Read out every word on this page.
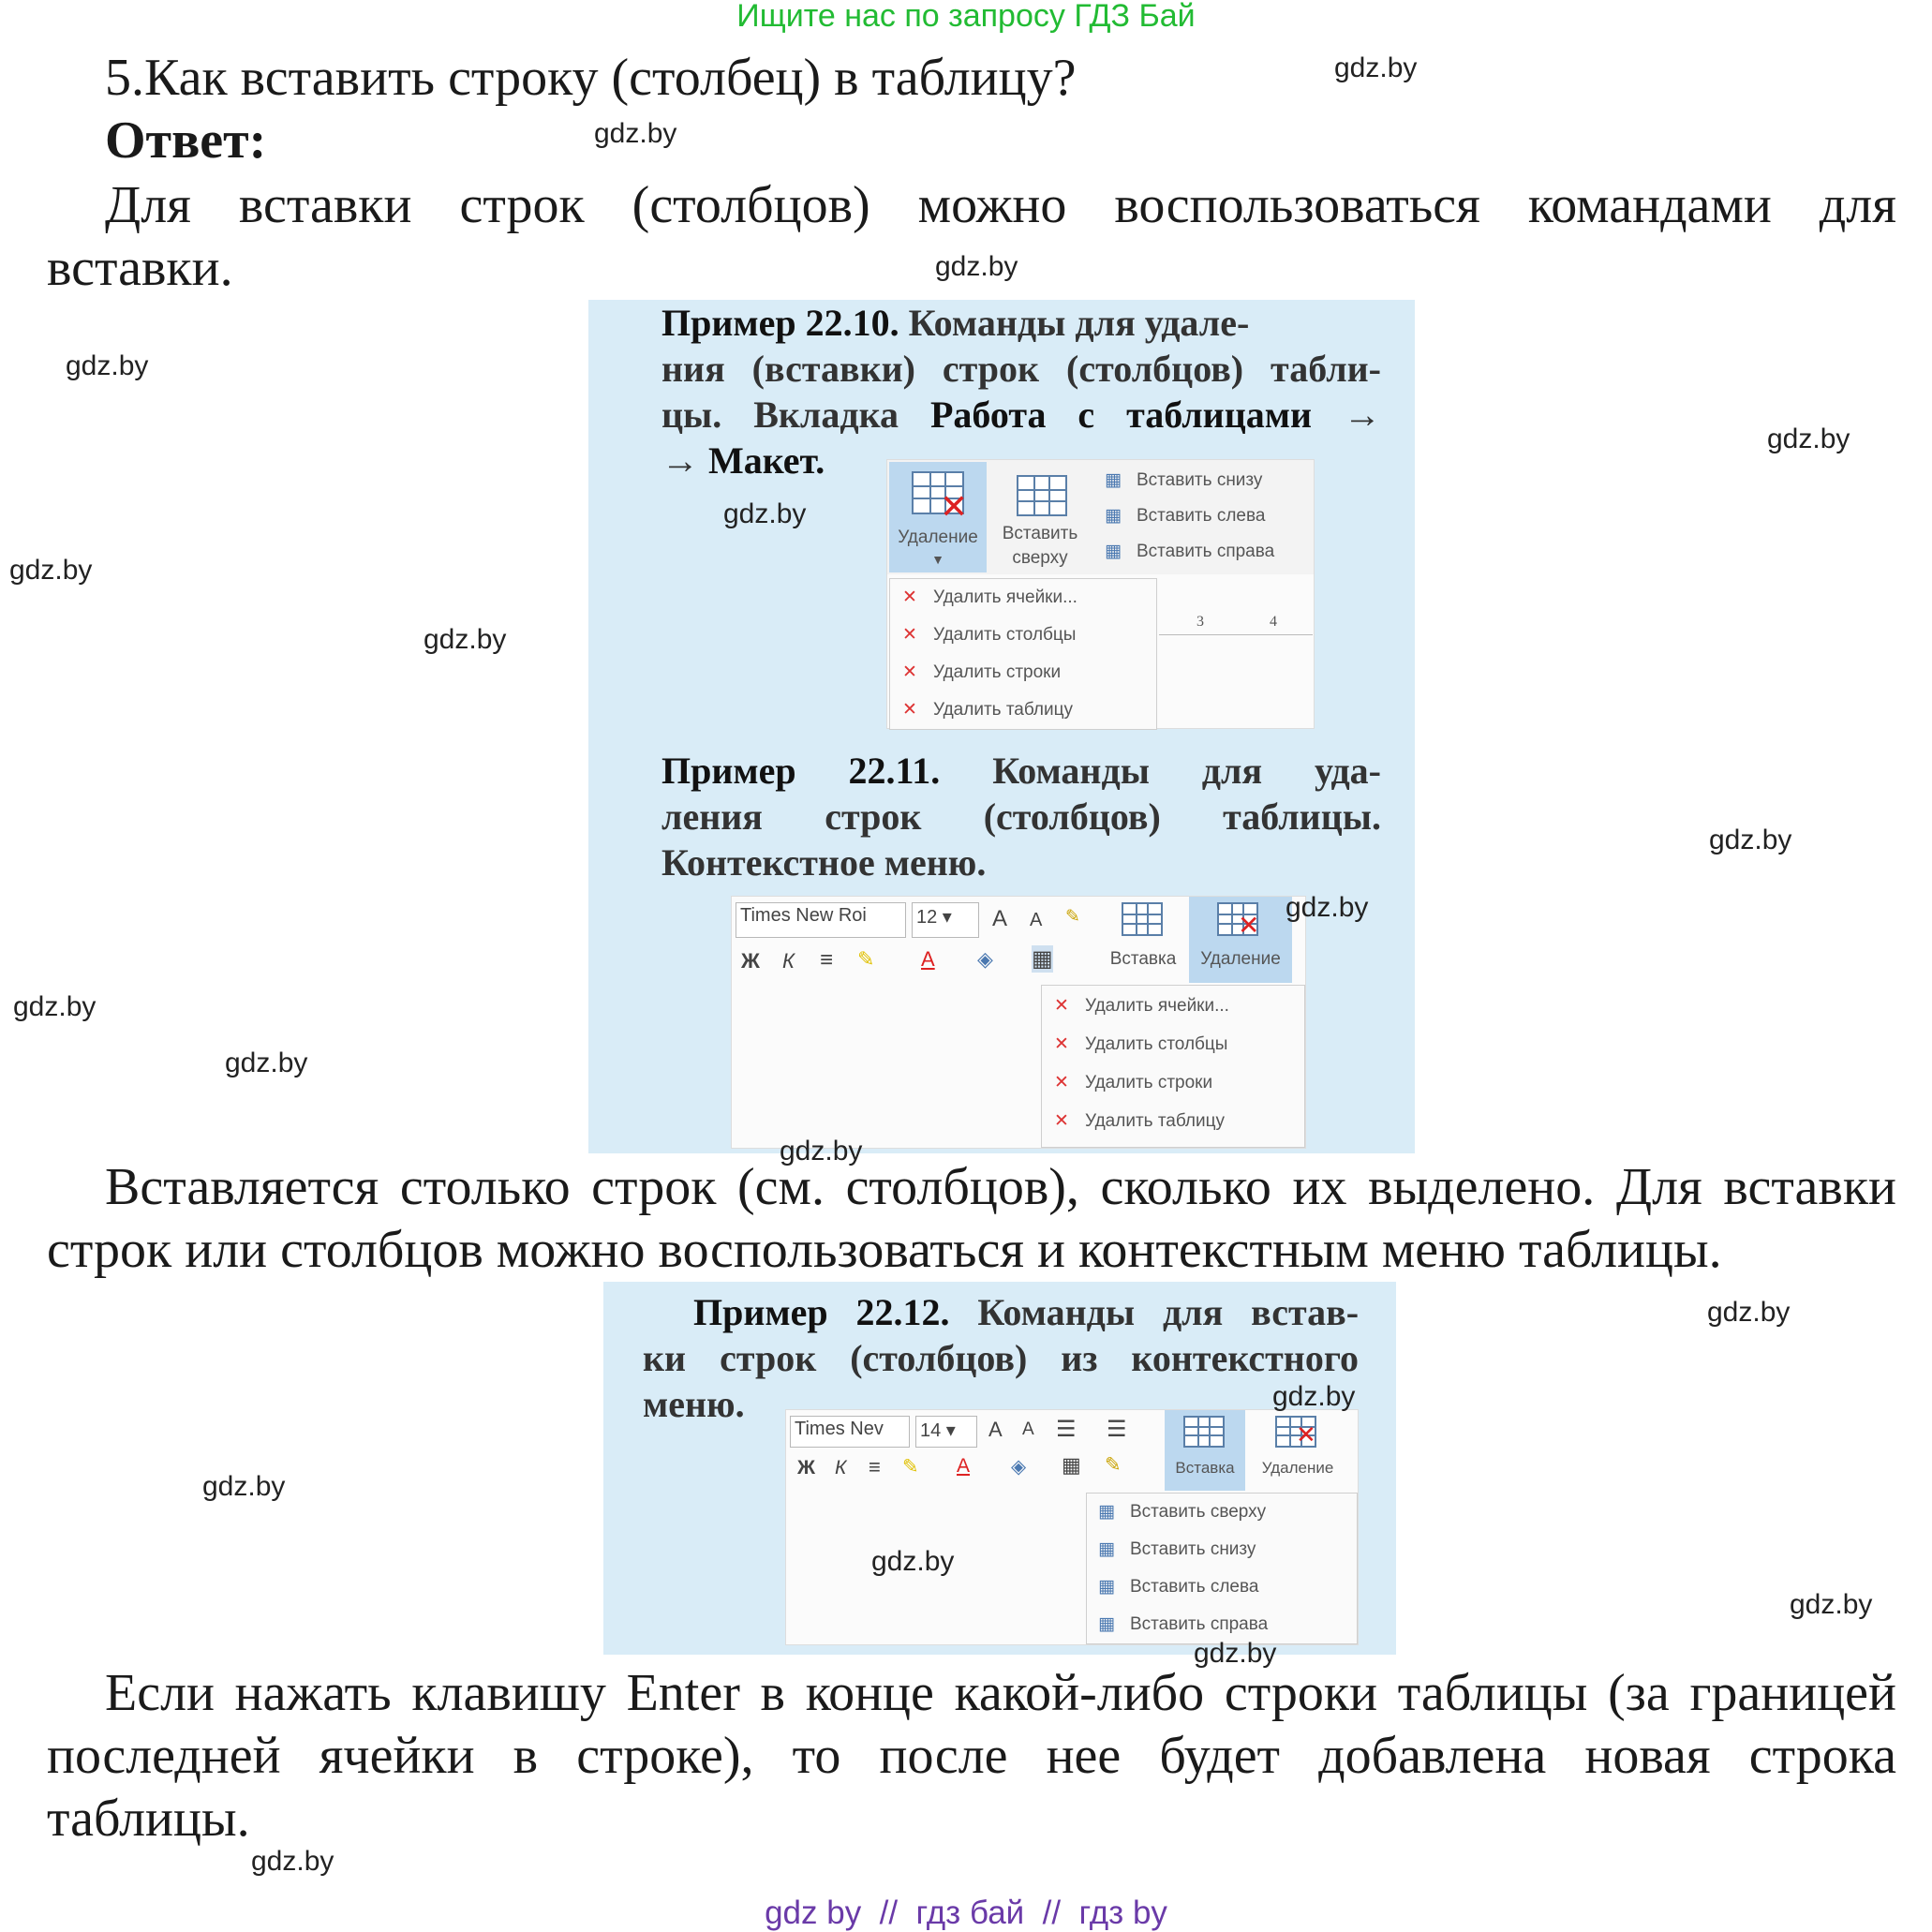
Ищите нас по запросу ГДЗ Бай
5.Как вставить строку (столбец) в таблицу?
Ответ:
Для вставки строк (столбцов) можно воспользоваться командами для
вставки.
Пример 22.10. Команды для удале-
ния (вставки) строк (столбцов) табли-
цы. Вкладка Работа с таблицами →
→ Макет.
✕
Удаление
▼
Вставить сверху
▦ Вставить снизу
▦ Вставить слева
▦ Вставить справа
3	4
✕ Удалить ячейки...
✕ Удалить столбцы
✕ Удалить строки
✕ Удалить таблицу
Пример 22.11. Команды для уда-
ления строк (столбцов) таблицы.
Контекстное меню.
Times New Roi	12 ▾	A A ✎
Ж К ≡ ✎ A ◈ ▦	Вставка
✕
Удаление
✕ Удалить ячейки...
✕ Удалить столбцы
✕ Удалить строки
✕ Удалить таблицу
Вставляется столько строк (см. столбцов), сколько их выделено. Для вставки
строк или столбцов можно воспользоваться и контекстным меню таблицы.
Пример 22.12. Команды для встав-
ки строк (столбцов) из контекстного
меню.
Times Nev	14 ▾	A A ☰ ☰
Ж К ≡ ✎ A ◈ ▦ ✎	Вставка
✕
Удаление
▦ Вставить сверху
▦ Вставить снизу
▦ Вставить слева
▦ Вставить справа
Если нажать клавишу Enter в конце какой-либо строки таблицы (за границей
последней ячейки в строке), то после нее будет добавлена новая строка
таблицы.
gdz.by
gdz.by
gdz.by
gdz.by
gdz.by
gdz.by
gdz.by
gdz.by
gdz.by
gdz.by
gdz.by
gdz.by
gdz.by
gdz.by
gdz.by
gdz.by
gdz.by
gdz.by
gdz.by
gdz.by
gdz by  //  гдз бай  //  гдз by
